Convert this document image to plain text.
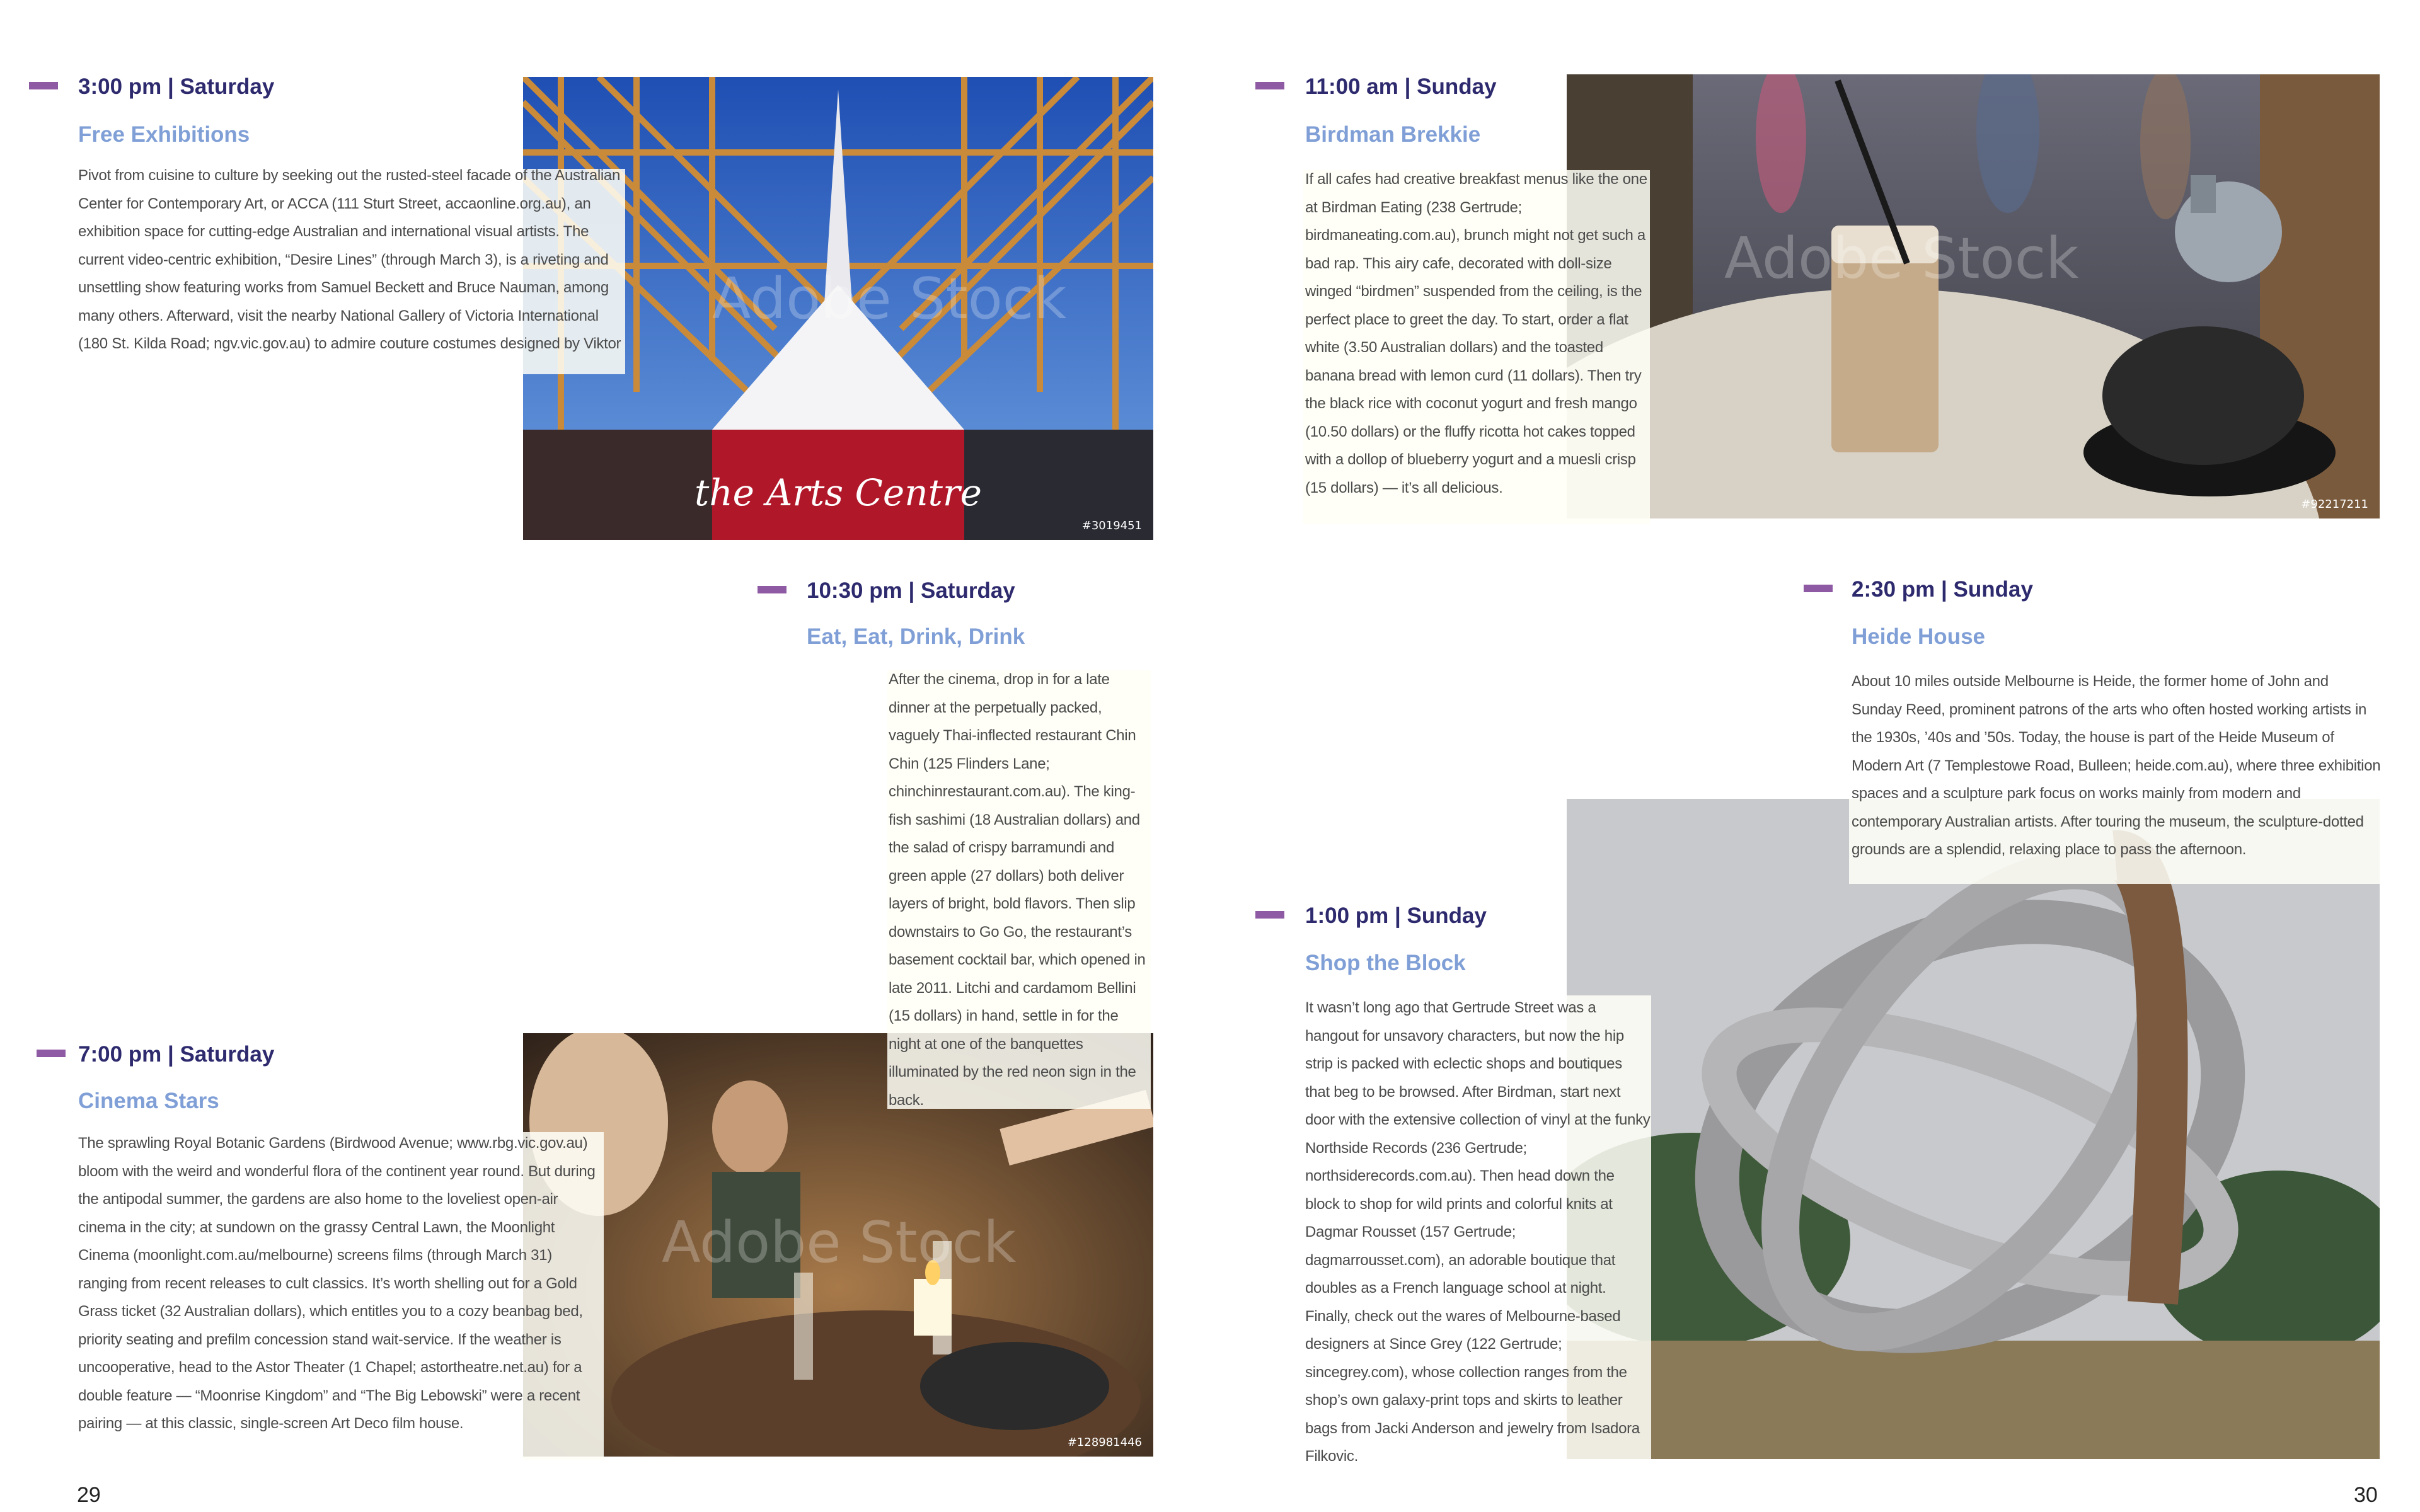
the Arts Centre
Adobe Stock
#3019451
3:00 pm | Saturday
Free Exhibitions
Pivot from cuisine to culture by seeking out the rusted-steel facade of the Australian Center for Contemporary Art, or ACCA (111 Sturt Street, accaonline.org.au), an exhibition space for cutting-edge Australian and international visual artists. The current video-centric exhibition, “Desire Lines” (through March 3), is a riveting and unsettling show featuring works from Samuel Beckett and Bruce Nauman, among many others. Afterward, visit the nearby National Gallery of Victoria International (180 St. Kilda Road; ngv.vic.gov.au) to admire couture costumes designed by Viktor
Adobe Stock
#128981446
10:30 pm | Saturday
Eat, Eat, Drink, Drink
After the cinema, drop in for a late dinner at the perpetually packed, vaguely Thai-inflected restaurant Chin Chin (125 Flinders Lane; chinchinrestaurant.com.au). The king-fish sashimi (18 Australian dollars) and the salad of crispy barramundi and green apple (27 dollars) both deliver layers of bright, bold flavors. Then slip downstairs to Go Go, the restaurant’s basement cocktail bar, which opened in late 2011. Litchi and cardamom Bellini (15 dollars) in hand, settle in for the night at one of the banquettes illuminated by the red neon sign in the back.
7:00 pm | Saturday
Cinema Stars
The sprawling Royal Botanic Gardens (Birdwood Avenue; www.rbg.vic.gov.au) bloom with the weird and wonderful flora of the continent year round. But during the antipodal summer, the gardens are also home to the loveliest open-air cinema in the city; at sundown on the grassy Central Lawn, the Moonlight Cinema (moonlight.com.au/melbourne) screens films (through March 31) ranging from recent releases to cult classics. It’s worth shelling out for a Gold Grass ticket (32 Australian dollars), which entitles you to a cozy beanbag bed, priority seating and prefilm concession stand wait-service. If the weather is uncooperative, head to the Astor Theater (1 Chapel; astortheatre.net.au) for a double feature — “Moonrise Kingdom” and “The Big Lebowski” were a recent pairing — at this classic, single-screen Art Deco film house.
29
Adobe Stock
#92217211
11:00 am | Sunday
Birdman Brekkie
If all cafes had creative breakfast menus like the one at Birdman Eating (238 Gertrude; birdmaneating.com.au), brunch might not get such a bad rap. This airy cafe, decorated with doll-size winged “birdmen” suspended from the ceiling, is the perfect place to greet the day. To start, order a flat white (3.50 Australian dollars) and the toasted banana bread with lemon curd (11 dollars). Then try the black rice with coconut yogurt and fresh mango (10.50 dollars) or the fluffy ricotta hot cakes topped with a dollop of blueberry yogurt and a muesli crisp (15 dollars) — it’s all delicious.
2:30 pm | Sunday
Heide House
About 10 miles outside Melbourne is Heide, the former home of John and Sunday Reed, prominent patrons of the arts who often hosted working artists in the 1930s, ’40s and ’50s. Today, the house is part of the Heide Museum of Modern Art (7 Templestowe Road, Bulleen; heide.com.au), where three exhibition spaces and a sculpture park focus on works mainly from modern and contemporary Australian artists. After touring the museum, the sculpture-dotted grounds are a splendid, relaxing place to pass the afternoon.
1:00 pm | Sunday
Shop the Block
It wasn’t long ago that Gertrude Street was a hangout for unsavory characters, but now the hip strip is packed with eclectic shops and boutiques that beg to be browsed. After Birdman, start next door with the extensive collection of vinyl at the funky Northside Records (236 Gertrude; northsiderecords.com.au). Then head down the block to shop for wild prints and colorful knits at Dagmar Rousset (157 Gertrude; dagmarrousset.com), an adorable boutique that doubles as a French language school at night. Finally, check out the wares of Melbourne-based designers at Since Grey (122 Gertrude; sincegrey.com), whose collection ranges from the shop’s own galaxy-print tops and skirts to leather bags from Jacki Anderson and jewelry from Isadora Filkovic.
30
